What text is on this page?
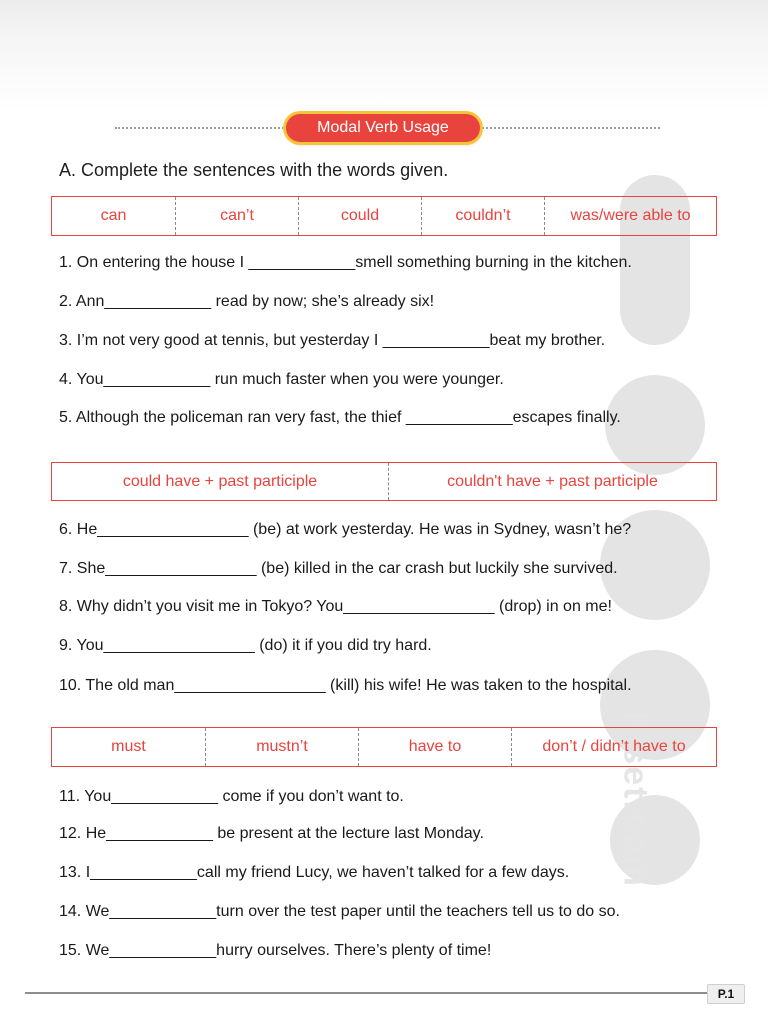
hiset.com
Modal Verb Usage
A. Complete the sentences with the words given.
can	can’t	could	couldn’t	was/were able to
1. On entering the house I ____________smell something burning in the kitchen.
2. Ann____________ read by now; she’s already six!
3. I’m not very good at tennis, but yesterday I ____________beat my brother.
4. You____________ run much faster when you were younger.
5. Although the policeman ran very fast, the thief ____________escapes finally.
could have + past participle	couldn't have + past participle
6. He_________________ (be) at work yesterday. He was in Sydney, wasn’t he?
7. She_________________ (be) killed in the car crash but luckily she survived.
8. Why didn’t you visit me in Tokyo? You_________________ (drop) in on me!
9. You_________________ (do) it if you did try hard.
10. The old man_________________ (kill) his wife! He was taken to the hospital.
must	mustn’t	have to	don’t / didn’t have to
11. You____________ come if you don’t want to.
12. He____________ be present at the lecture last Monday.
13. I____________call my friend Lucy, we haven’t talked for a few days.
14. We____________turn over the test paper until the teachers tell us to do so.
15. We____________hurry ourselves. There’s plenty of time!
P.1
